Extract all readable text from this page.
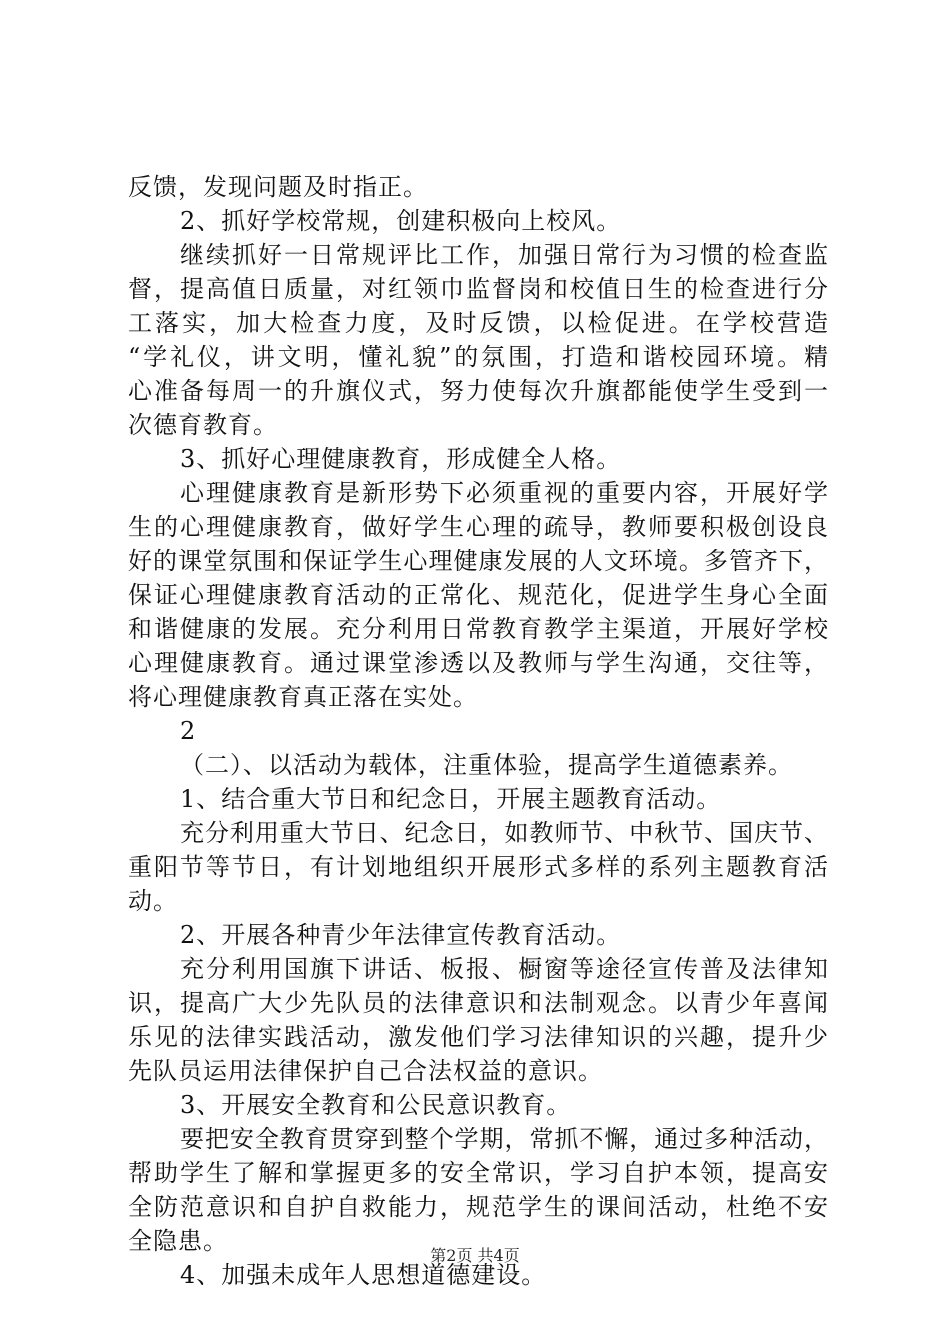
反馈，发现问题及时指正。
2、抓好学校常规，创建积极向上校风。
继续抓好一日常规评比工作，加强日常行为习惯的检查监
督，提高值日质量，对红领巾监督岗和校值日生的检查进行分
工落实，加大检查力度，及时反馈，以检促进。在学校营造
“学礼仪，讲文明，懂礼貌”的氛围，打造和谐校园环境。精
心准备每周一的升旗仪式，努力使每次升旗都能使学生受到一
次德育教育。
3、抓好心理健康教育，形成健全人格。
心理健康教育是新形势下必须重视的重要内容，开展好学
生的心理健康教育，做好学生心理的疏导，教师要积极创设良
好的课堂氛围和保证学生心理健康发展的人文环境。多管齐下，
保证心理健康教育活动的正常化、规范化，促进学生身心全面
和谐健康的发展。充分利用日常教育教学主渠道，开展好学校
心理健康教育。通过课堂渗透以及教师与学生沟通，交往等，
将心理健康教育真正落在实处。
2
（二）、以活动为载体，注重体验，提高学生道德素养。
1、结合重大节日和纪念日，开展主题教育活动。
充分利用重大节日、纪念日，如教师节、中秋节、国庆节、
重阳节等节日，有计划地组织开展形式多样的系列主题教育活
动。
2、开展各种青少年法律宣传教育活动。
充分利用国旗下讲话、板报、橱窗等途径宣传普及法律知
识，提高广大少先队员的法律意识和法制观念。以青少年喜闻
乐见的法律实践活动，激发他们学习法律知识的兴趣，提升少
先队员运用法律保护自己合法权益的意识。
3、开展安全教育和公民意识教育。
要把安全教育贯穿到整个学期，常抓不懈，通过多种活动，
帮助学生了解和掌握更多的安全常识，学习自护本领，提高安
全防范意识和自护自救能力，规范学生的课间活动，杜绝不安
全隐患。
4、加强未成年人思想道德建设。
第2页 共4页
